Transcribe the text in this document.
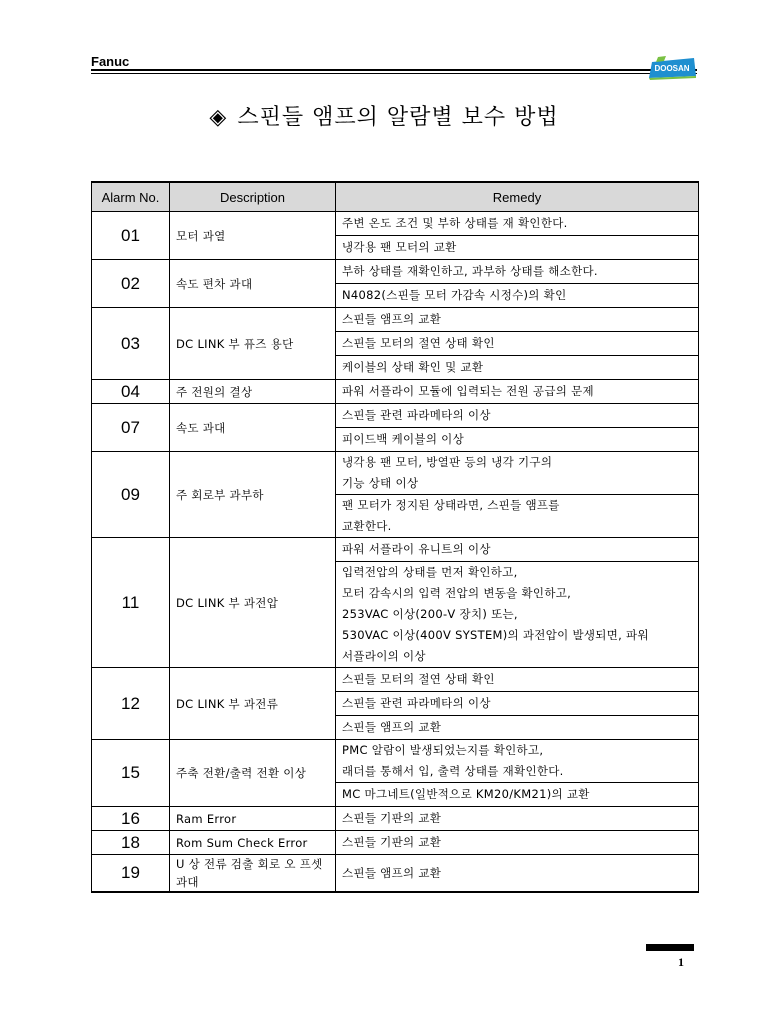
Fanuc	DOOSAN
◈ 스핀들 앰프의 알람별 보수 방법
Alarm No.	Description	Remedy
01	모터 과열	주변 온도 조건 및 부하 상태를 재 확인한다.

		냉각용 팬 모터의 교환

02	속도 편차 과대	부하 상태를 재확인하고, 과부하 상태를 해소한다.

		N4082(스핀들 모터 가감속 시정수)의 확인

03	DC LINK 부 퓨즈 용단	스핀들 앰프의 교환

		스핀들 모터의 절연 상태 확인

		케이블의 상태 확인 및 교환

04	주 전원의 결상	파워 서플라이 모듈에 입력되는 전원 공급의 문제

07	속도 과대	스핀들 관련 파라메타의 이상

		피이드백 케이블의 이상

09	주 회로부 과부하	냉각용 팬 모터, 방열판 등의 냉각 기구의
기능 상태 이상

		팬 모터가 정지된 상태라면, 스핀들 앰프를
교환한다.

11	DC LINK 부 과전압	파워 서플라이 유니트의 이상

		입력전압의 상태를 먼저 확인하고,
모터 감속시의 입력 전압의 변동을 확인하고,
253VAC 이상(200-V 장치) 또는,
530VAC 이상(400V SYSTEM)의 과전압이 발생되면, 파워
서플라이의 이상

12	DC LINK 부 과전류	스핀들 모터의 절연 상태 확인

		스핀들 관련 파라메타의 이상

		스핀들 앰프의 교환

15	주축 전환/출력 전환 이상	PMC 알람이 발생되었는지를 확인하고,
래더를 통해서 입, 출력 상태를 재확인한다.

		MC 마그네트(일반적으로 KM20/KM21)의 교환

16	Ram Error	스핀들 기판의 교환

18	Rom Sum Check Error	스핀들 기판의 교환

19	U 상 전류 검출 회로 오 프셋 과대	스핀들 앰프의 교환
1
